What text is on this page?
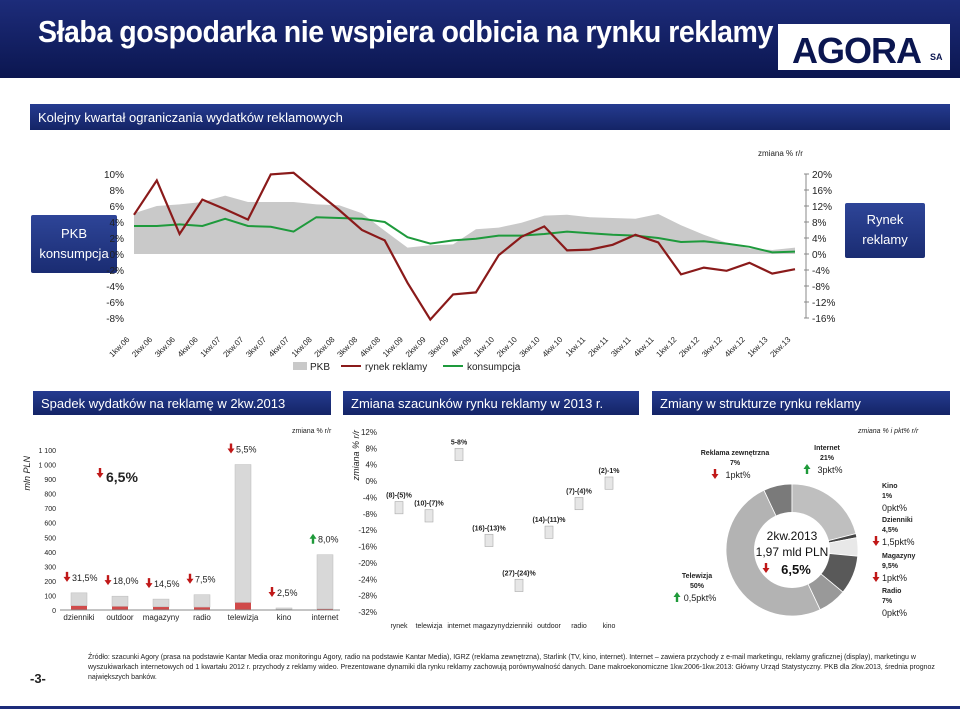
Słaba gospodarka nie wspiera odbicia na rynku reklamy AGORA SA
Kolejny kwartał ograniczania wydatków reklamowych
zmiana % r/r
PKB konsumpcja
Rynek reklamy
10%
8%
6%
4%
2%
0%
-2%
-4%
-6%
-8%
20%
16%
12%
8%
4%
0%
-4%
-8%
-12%
-16%
1kw.06
2kw.06
3kw.06
4kw.06
1kw.07
2kw.07
3kw.07
4kw.07
1kw.08
2kw.08
3kw.08
4kw.08
1kw.09
2kw.09
3kw.09
4kw.09
1kw.10
2kw.10
3kw.10
4kw.10 1kw.11 2kw.11 3kw.11 4kw.11
1kw.12
2kw.12
3kw.12
4kw.12
1kw.13
2kw.13
PKB	rynek reklamy	konsumpcja
Spadek wydatków na reklamę w 2kw.2013	Zmiana szacunków rynku reklamy w 2013 r.	Zmiany w strukturze rynku reklamy
mln PLN
1 100
1 000
900
800
700
600
500
400
300
200
100
0
zmiana % r/r
dzienniki
31,5%
outdoor
18,0%
magazyny
14,5%
radio
7,5%
telewizja
5,5%
kino
2,5%
internet
8,0%
6,5%	zmiana % r/r 12%
8%
4%
0%
-4%
-8%
-12%
-16%
-20%
-24%
-28%
-32%
rynek
(8)-(5)%
telewizja
(10)-(7)%
internet
5-8%
magazyny
(16)-(13)%
dzienniki
(27)-(24)%
outdoor
(14)-(11)%
radio
(7)-(4)%
kino
(2)-1%
zmiana % i pkt% r/r
2kw.2013
1,97 mld PLN
6,5%
Reklama zewnętrzna
7%
1pkt%
Internet
21%
3pkt%
Telewizja
50%
0,5pkt%
Kino
1%
0pkt%
Dzienniki
4,5%
1,5pkt%
Magazyny
9,5%
1pkt%
Radio
7%
0pkt%
Źródło: szacunki Agory (prasa na podstawie Kantar Media oraz monitoringu Agory, radio na podstawie Kantar Media), IGRZ (reklama zewnętrzna), Starlink (TV, kino, internet). Internet – zawiera przychody z e-mail marketingu, reklamy graficznej (display), marketingu w wyszukiwarkach internetowych od 1 kwartału 2012 r. przychody z reklamy wideo. Prezentowane dynamiki dla rynku reklamy zachowują porównywalność danych. Dane makroekonomiczne 1kw.2006-1kw.2013: Główny Urząd Statystyczny. PKB dla 2kw.2013, średnia prognoz największych banków.
-3-
